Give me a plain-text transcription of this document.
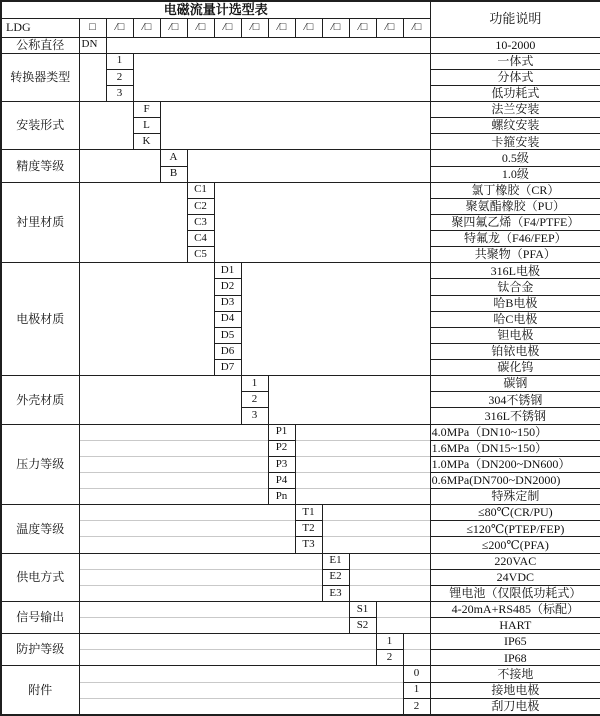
电磁流量计选型表														功能说明
LDG	□	/□	/□	/□	/□	/□	/□	/□	/□	/□	/□	/□	/□	
公称直径	DN													10-2000
转换器类型		1												一体式
		2												分体式
		3												低功耗式
安装形式			F											法兰安装
			L											螺纹安装
			K											卡箍安装
精度等级				A										0.5级
				B										1.0级
衬里材质					C1									氯丁橡胶（CR）
					C2									聚氨酯橡胶（PU）
					C3									聚四氟乙烯（F4/PTFE）
					C4									特氟龙（F46/FEP）
					C5									共聚物（PFA）
电极材质						D1								316L电极
						D2								钛合金
						D3								哈B电极
						D4								哈C电极
						D5								钽电极
						D6								铂铱电极
						D7								碳化钨
外壳材质							1							碳钢
							2							304不锈钢
							3							316L不锈钢
压力等级								P1						4.0MPa（DN10~150）
								P2						1.6MPa（DN15~150）
								P3						1.0MPa（DN200~DN600）
								P4						0.6MPa(DN700~DN2000)
								Pn						特殊定制
温度等级									T1					≤80℃(CR/PU)
									T2					≤120℃(PTEP/FEP)
									T3					≤200℃(PFA)
供电方式										E1				220VAC
										E2				24VDC
										E3				锂电池（仅限低功耗式）
信号输出											S1			4-20mA+RS485（标配）
											S2			HART
防护等级												1		IP65
												2		IP68
附件													0	不接地
													1	接地电极
													2	刮刀电极
